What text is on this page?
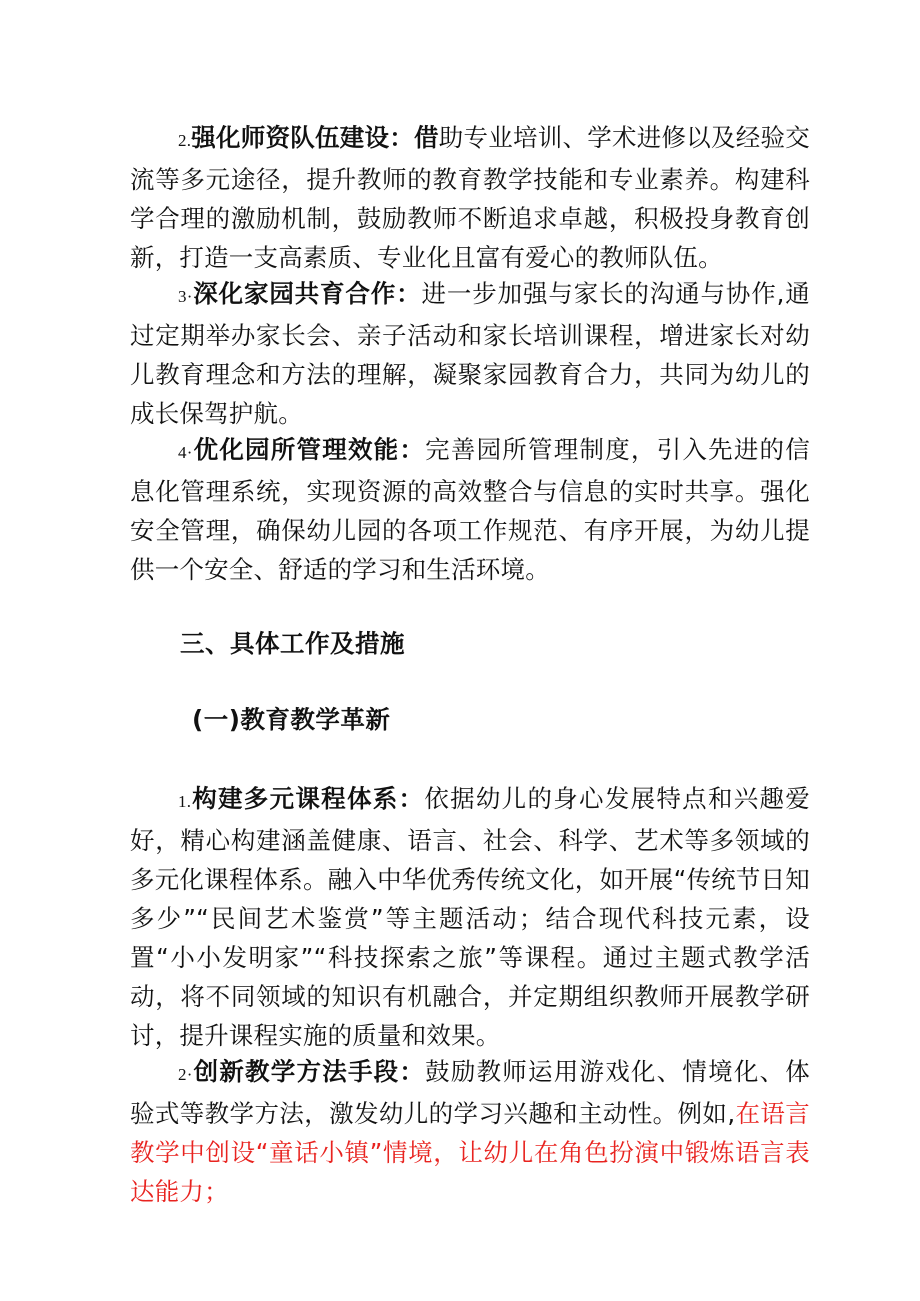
2.强化师资队伍建设：借助专业培训、学术进修以及经验交流等多元途径，提升教师的教育教学技能和专业素养。构建科学合理的激励机制，鼓励教师不断追求卓越，积极投身教育创新，打造一支高素质、专业化且富有爱心的教师队伍。

3·深化家园共育合作：进一步加强与家长的沟通与协作,通过定期举办家长会、亲子活动和家长培训课程，增进家长对幼儿教育理念和方法的理解，凝聚家园教育合力，共同为幼儿的成长保驾护航。

4·优化园所管理效能：完善园所管理制度，引入先进的信息化管理系统，实现资源的高效整合与信息的实时共享。强化安全管理，确保幼儿园的各项工作规范、有序开展，为幼儿提供一个安全、舒适的学习和生活环境。

三、具体工作及措施
(一)教育教学革新

1.构建多元课程体系：依据幼儿的身心发展特点和兴趣爱好，精心构建涵盖健康、语言、社会、科学、艺术等多领域的多元化课程体系。融入中华优秀传统文化，如开展“传统节日知多少”“民间艺术鉴赏”等主题活动；结合现代科技元素，设置“小小发明家”“科技探索之旅”等课程。通过主题式教学活动，将不同领域的知识有机融合，并定期组织教师开展教学研讨，提升课程实施的质量和效果。

2·创新教学方法手段：鼓励教师运用游戏化、情境化、体验式等教学方法，激发幼儿的学习兴趣和主动性。例如,在语言教学中创设“童话小镇”情境，让幼儿在角色扮演中锻炼语言表达能力；
